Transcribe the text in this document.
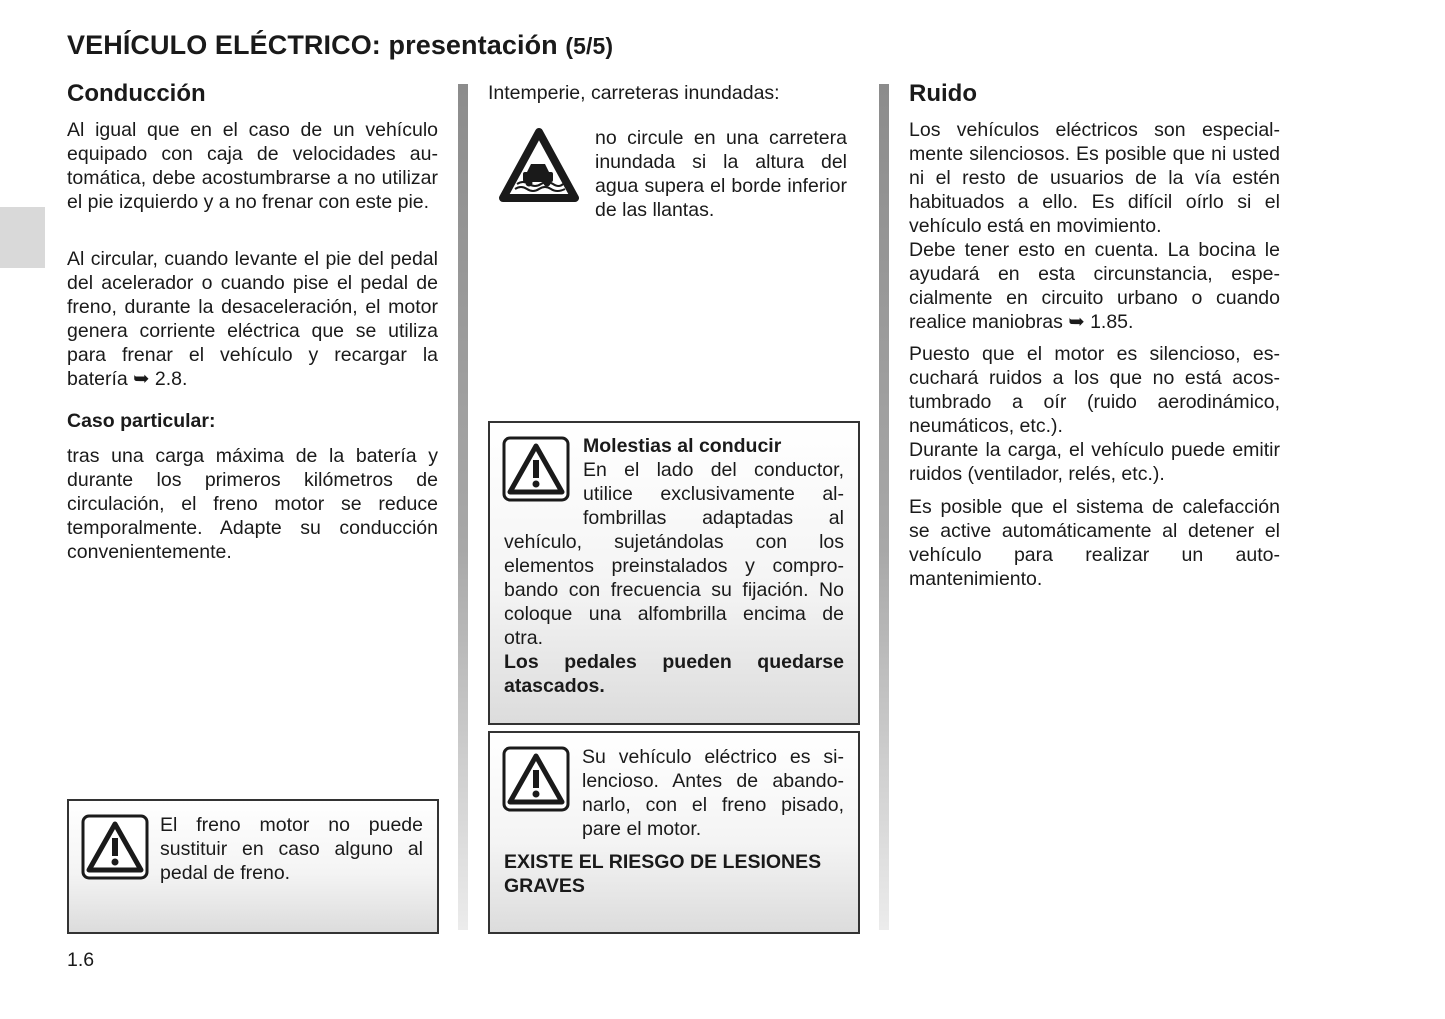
VEHÍCULO ELÉCTRICO: presentación (5/5)
Conducción
Al igual que en el caso de un vehículo equipado con caja de velocidades automática, debe acostumbrarse a no utilizar el pie izquierdo y a no frenar con este pie.
Al circular, cuando levante el pie del pedal del acelerador o cuando pise el pedal de freno, durante la desaceleración, el motor genera corriente eléctrica que se utiliza para frenar el vehículo y recargar la batería ➥ 2.8.
Caso particular:
tras una carga máxima de la batería y durante los primeros kilómetros de circulación, el freno motor se reduce temporalmente. Adapte su conducción convenientemente.
El freno motor no puede sustituir en caso alguno al pedal de freno.
Intemperie, carreteras inundadas:
no circule en una carretera inundada si la altura del agua supera el borde inferior de las llantas.
Molestias al conducir
En el lado del conductor, utilice exclusivamente alfombrillas adaptadas al vehículo, sujetándolas con los elementos preinstalados y comprobando con frecuencia su fijación. No coloque una alfombrilla encima de otra.
Los pedales pueden quedarse atascados.
Su vehículo eléctrico es silencioso. Antes de abandonarlo, con el freno pisado, pare el motor.
EXISTE EL RIESGO DE LESIONES GRAVES
Ruido
Los vehículos eléctricos son especialmente silenciosos. Es posible que ni usted ni el resto de usuarios de la vía estén habituados a ello. Es difícil oírlo si el vehículo está en movimiento.
Debe tener esto en cuenta. La bocina le ayudará en esta circunstancia, especialmente en circuito urbano o cuando realice maniobras ➥ 1.85.
Puesto que el motor es silencioso, escuchará ruidos a los que no está acostumbrado a oír (ruido aerodinámico, neumáticos, etc.).
Durante la carga, el vehículo puede emitir ruidos (ventilador, relés, etc.).
Es posible que el sistema de calefacción se active automáticamente al detener el vehículo para realizar un automantenimiento.
1.6
